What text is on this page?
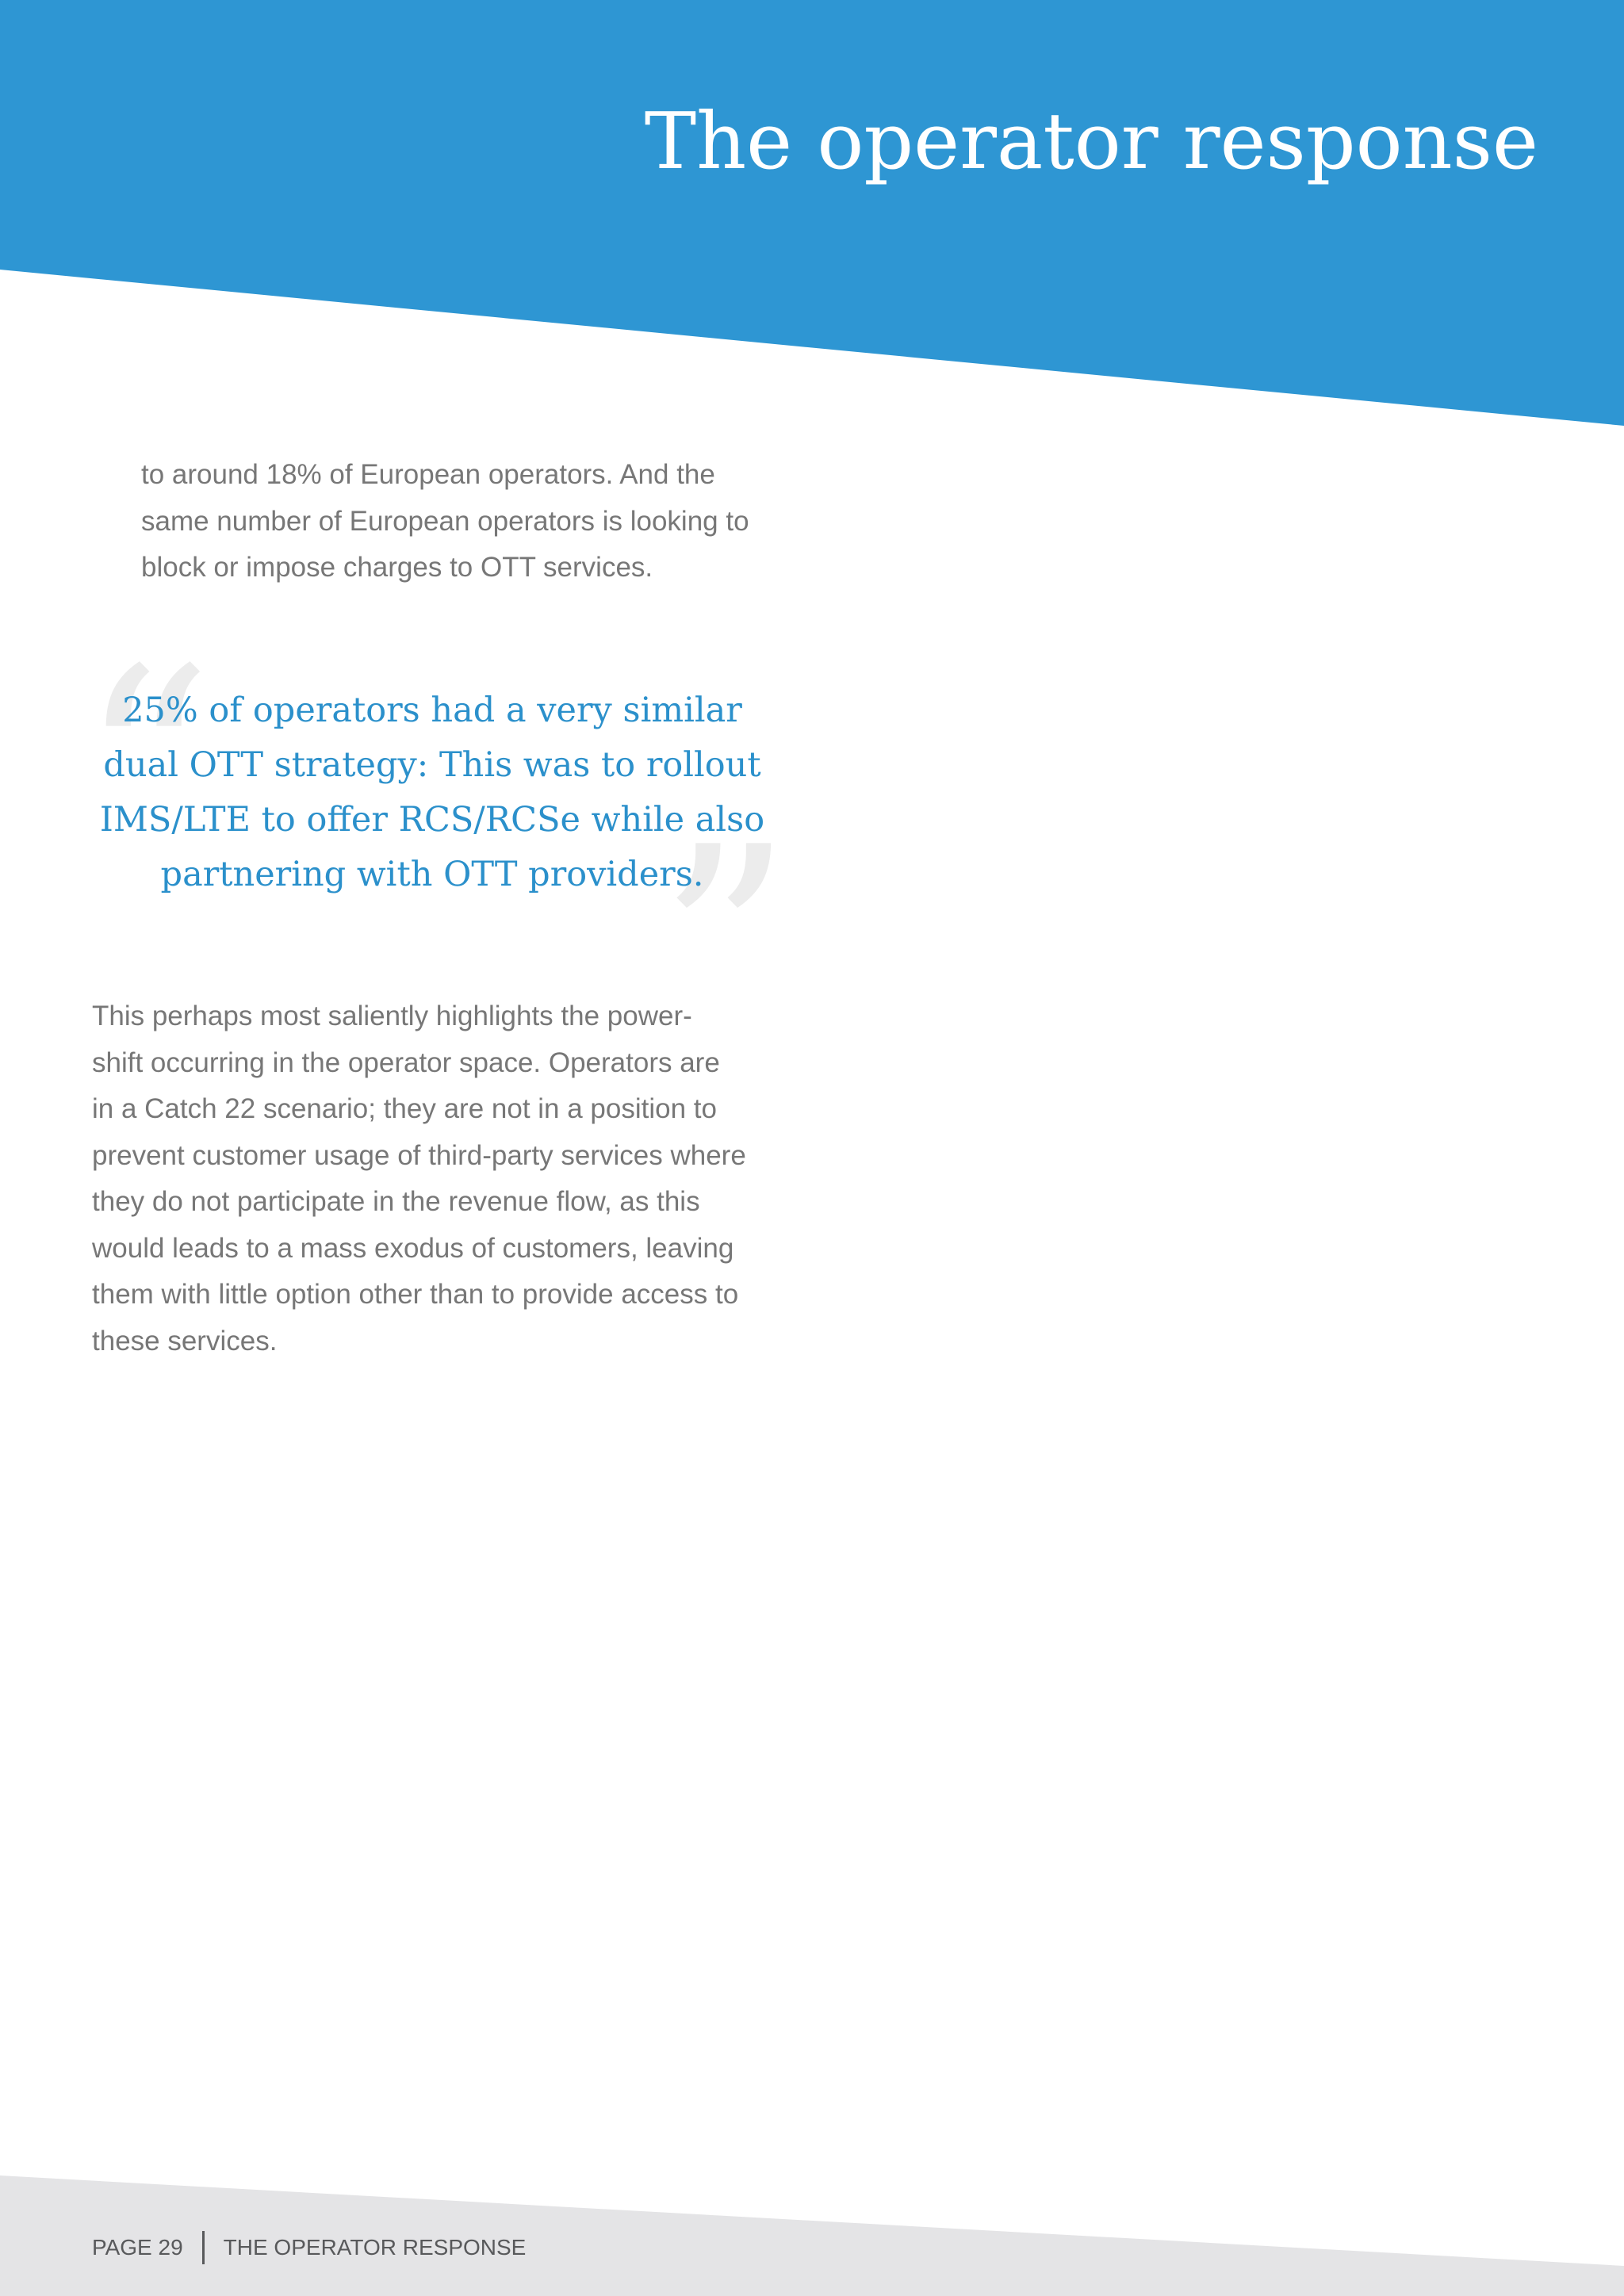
The operator response

to around 18% of European operators. And the
same number of European operators is looking to
block or impose charges to OTT services.

“
”

25% of operators had a very similar
dual OTT strategy: This was to rollout
IMS/LTE to offer RCS/RCSe while also
partnering with OTT providers.

This perhaps most saliently highlights the power-
shift occurring in the operator space. Operators are
in a Catch 22 scenario; they are not in a position to
prevent customer usage of third-party services where
they do not participate in the revenue flow, as this
would leads to a mass exodus of customers, leaving
them with little option other than to provide access to
these services.

PAGE 29 THE OPERATOR RESPONSE
